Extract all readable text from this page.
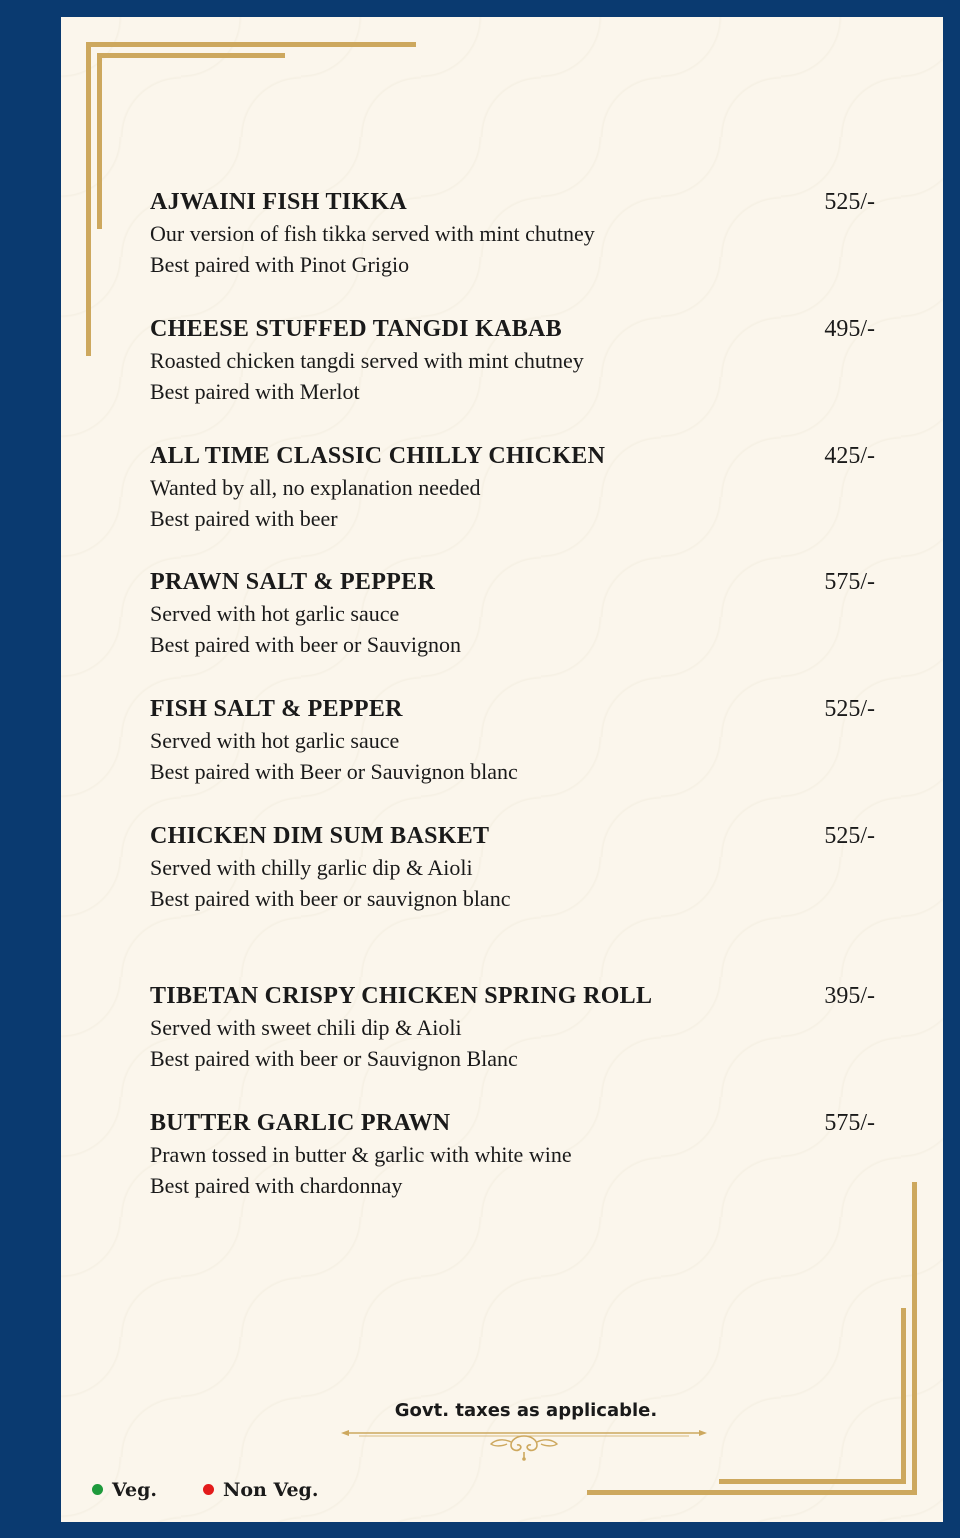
AJWAINI FISH TIKKA	525/-
Our version of fish tikka served with mint chutney
Best paired with Pinot Grigio
CHEESE STUFFED TANGDI KABAB	495/-
Roasted chicken tangdi served with mint chutney
Best paired with Merlot
ALL TIME CLASSIC CHILLY CHICKEN	425/-
Wanted by all, no explanation needed
Best paired with beer
PRAWN SALT & PEPPER	575/-
Served with hot garlic sauce
Best paired with beer or Sauvignon
FISH SALT & PEPPER	525/-
Served with hot garlic sauce
Best paired with Beer or Sauvignon blanc
CHICKEN DIM SUM BASKET	525/-
Served with chilly garlic dip & Aioli
Best paired with beer or sauvignon blanc
TIBETAN CRISPY CHICKEN SPRING ROLL	395/-
Served with sweet chili dip & Aioli
Best paired with beer or Sauvignon Blanc
BUTTER GARLIC PRAWN	575/-
Prawn tossed in butter & garlic with white wine
Best paired with chardonnay
Govt. taxes as applicable.
Veg.	Non Veg.
